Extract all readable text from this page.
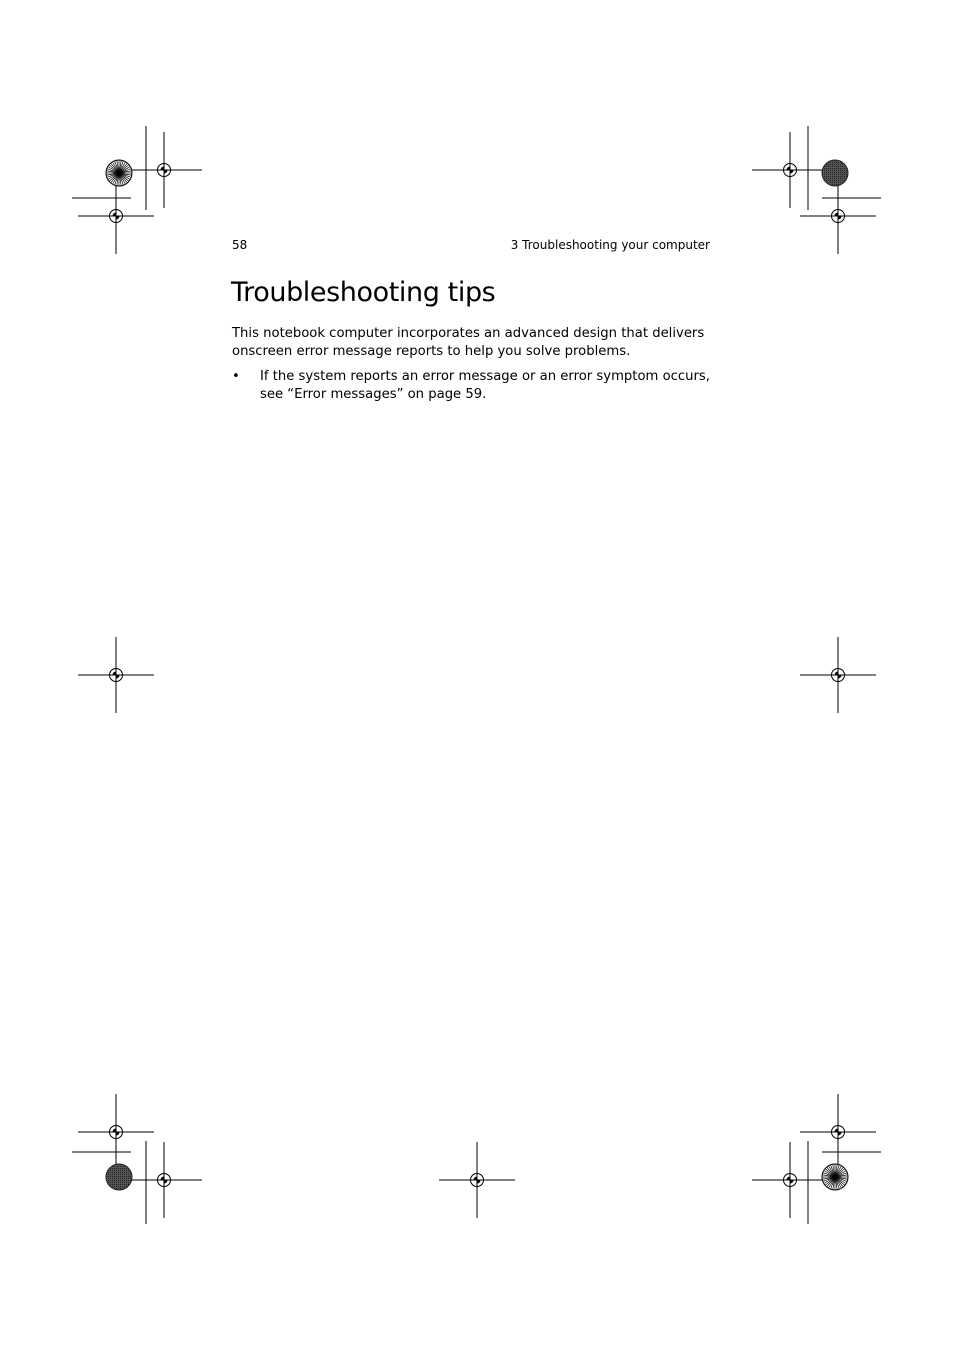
58	3 Troubleshooting your computer
Troubleshooting tips

This notebook computer incorporates an advanced design that delivers onscreen error message reports to help you solve problems.

• If the system reports an error message or an error symptom occurs, see “Error messages” on page 59.
